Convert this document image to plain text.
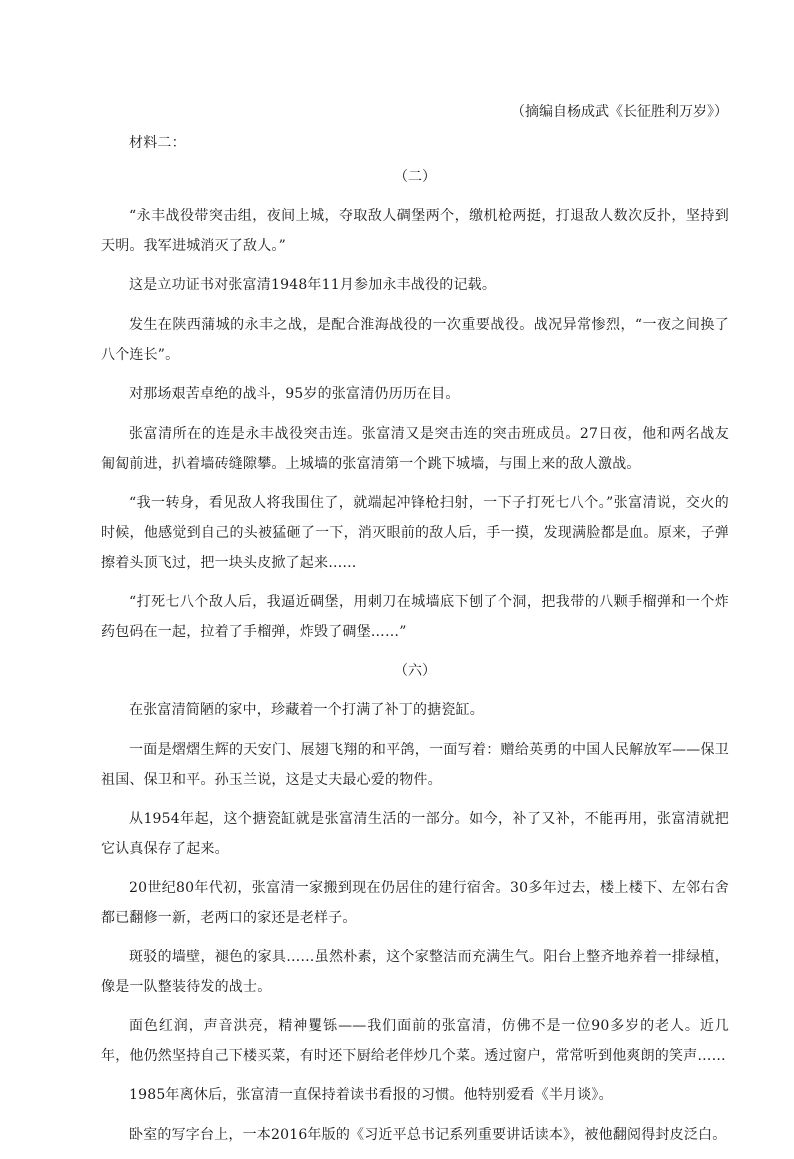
（摘编自杨成武《长征胜利万岁》）

材料二：

（二）

“永丰战役带突击组，夜间上城，夺取敌人碉堡两个，缴机枪两挺，打退敌人数次反扑，坚持到天明。我军进城消灭了敌人。”

这是立功证书对张富清1948年11月参加永丰战役的记载。

发生在陕西蒲城的永丰之战，是配合淮海战役的一次重要战役。战况异常惨烈，“一夜之间换了八个连长”。

对那场艰苦卓绝的战斗，95岁的张富清仍历历在目。

张富清所在的连是永丰战役突击连。张富清又是突击连的突击班成员。27日夜，他和两名战友匍匐前进，扒着墙砖缝隙攀。上城墙的张富清第一个跳下城墙，与围上来的敌人激战。

“我一转身，看见敌人将我围住了，就端起冲锋枪扫射，一下子打死七八个。”张富清说，交火的时候，他感觉到自己的头被猛砸了一下，消灭眼前的敌人后，手一摸，发现满脸都是血。原来，子弹擦着头顶飞过，把一块头皮掀了起来……

“打死七八个敌人后，我逼近碉堡，用刺刀在城墙底下刨了个洞，把我带的八颗手榴弹和一个炸药包码在一起，拉着了手榴弹，炸毁了碉堡……”

（六）

在张富清简陋的家中，珍藏着一个打满了补丁的搪瓷缸。

一面是熠熠生辉的天安门、展翅飞翔的和平鸽，一面写着：赠给英勇的中国人民解放军——保卫祖国、保卫和平。孙玉兰说，这是丈夫最心爱的物件。

从1954年起，这个搪瓷缸就是张富清生活的一部分。如今，补了又补，不能再用，张富清就把它认真保存了起来。

20世纪80年代初，张富清一家搬到现在仍居住的建行宿舍。30多年过去，楼上楼下、左邻右舍都已翻修一新，老两口的家还是老样子。

斑驳的墙壁，褪色的家具……虽然朴素，这个家整洁而充满生气。阳台上整齐地养着一排绿植，像是一队整装待发的战士。

面色红润，声音洪亮，精神矍铄——我们面前的张富清，仿佛不是一位90多岁的老人。近几年，他仍然坚持自己下楼买菜，有时还下厨给老伴炒几个菜。透过窗户，常常听到他爽朗的笑声……

1985年离休后，张富清一直保持着读书看报的习惯。他特别爱看《半月谈》。

卧室的写字台上，一本2016年版的《习近平总书记系列重要讲话读本》，被他翻阅得封皮泛白。
